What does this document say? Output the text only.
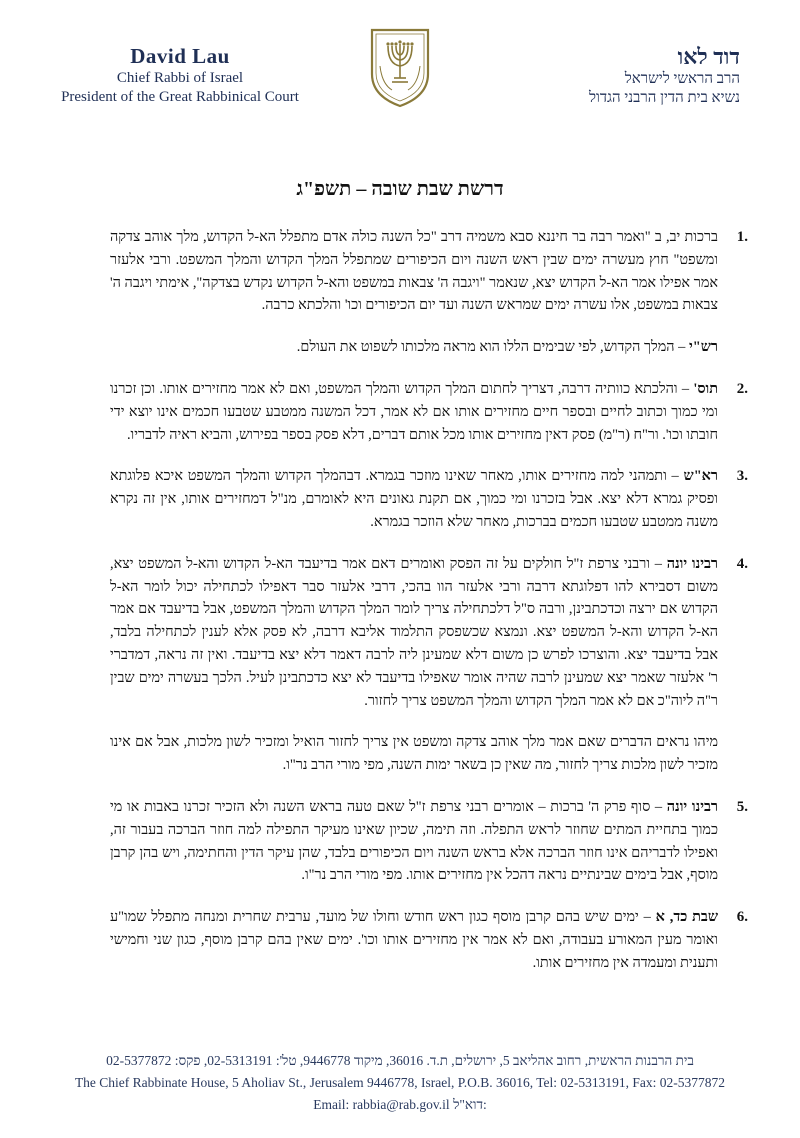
David Lau
Chief Rabbi of Israel
President of the Great Rabbinical Court
דוד לאו
הרב הראשי לישראל
נשיא בית הדין הרבני הגדול
דרשת שבת שובה – תשפ"ג
1.
ברכות יב, ב "ואמר רבה בר חיננא סבא משמיה דרב "כל השנה כולה אדם מתפלל הא-ל הקדוש, מלך אוהב צדקה ומשפט" חוץ מעשרה ימים שבין ראש השנה ויום הכיפורים שמתפלל המלך הקדוש והמלך המשפט. ורבי אלעזר אמר אפילו אמר הא-ל הקדוש יצא, שנאמר "ויגבה ה' צבאות במשפט והא-ל הקדוש נקדש בצדקה", אימתי ויגבה ה' צבאות במשפט, אלו עשרה ימים שמראש השנה ועד יום הכיפורים וכו' והלכתא כרבה.
רש"י – המלך הקדוש, לפי שבימים הללו הוא מראה מלכותו לשפוט את העולם.
2.
תוס' – והלכתא כוותיה דרבה, דצריך לחתום המלך הקדוש והמלך המשפט, ואם לא אמר מחזירים אותו. וכן זכרנו ומי כמוך וכתוב לחיים ובספר חיים מחזירים אותו אם לא אמר, דכל המשנה ממטבע שטבעו חכמים אינו יוצא ידי חובתו וכו'. ור"ח (ר"מ) פסק דאין מחזירים אותו מכל אותם דברים, דלא פסק בספר בפירוש, והביא ראיה לדבריו.
3.
רא"ש – ותמהני למה מחזירים אותו, מאחר שאינו מוזכר בגמרא. דבהמלך הקדוש והמלך המשפט איכא פלוגתא ופסיק גמרא דלא יצא. אבל בזכרנו ומי כמוך, אם תקנת גאונים היא לאומרם, מנ"ל דמחזירים אותו, אין זה נקרא משנה ממטבע שטבעו חכמים בברכות, מאחר שלא הוזכר בגמרא.
4.
רבינו יונה – ורבני צרפת ז"ל חולקים על זה הפסק ואומרים דאם אמר בדיעבד הא-ל הקדוש והא-ל המשפט יצא, משום דסבירא להו דפלוגתא דרבה ורבי אלעזר הוו בהכי, דרבי אלעזר סבר דאפילו לכתחילה יכול לומר הא-ל הקדוש אם ירצה וכדכתבינן, ורבה ס"ל דלכתחילה צריך לומר המלך הקדוש והמלך המשפט, אבל בדיעבד אם אמר הא-ל הקדוש והא-ל המשפט יצא. ונמצא שכשפסק התלמוד אליבא דרבה, לא פסק אלא לענין לכתחילה בלבד, אבל בדיעבד יצא. והוצרכו לפרש כן משום דלא שמעינן ליה לרבה דאמר דלא יצא בדיעבד. ואין זה נראה, דמדברי ר' אלעזר שאמר יצא שמעינן לרבה שהיה אומר שאפילו בדיעבד לא יצא כדכתבינן לעיל. הלכך בעשרה ימים שבין ר"ה ליוה"כ אם לא אמר המלך הקדוש והמלך המשפט צריך לחזור.
מיהו נראים הדברים שאם אמר מלך אוהב צדקה ומשפט אין צריך לחזור הואיל ומזכיר לשון מלכות, אבל אם אינו מזכיר לשון מלכות צריך לחזור, מה שאין כן בשאר ימות השנה, מפי מורי הרב נר"ו.
5.
רבינו יונה – סוף פרק ה' ברכות – אומרים רבני צרפת ז"ל שאם טעה בראש השנה ולא הזכיר זכרנו באבות או מי כמוך בתחיית המתים שחוזר לראש התפלה. וזה תימה, שכיון שאינו מעיקר התפילה למה חוזר הברכה בעבור זה, ואפילו לדבריהם אינו חוזר הברכה אלא בראש השנה ויום הכיפורים בלבד, שהן עיקר הדין והחתימה, ויש בהן קרבן מוסף, אבל בימים שבינתיים נראה דהכל אין מחזירים אותו. מפי מורי הרב נר"ו.
6.
שבת כד, א – ימים שיש בהם קרבן מוסף כגון ראש חודש וחולו של מועד, ערבית שחרית ומנחה מתפלל שמו"ע ואומר מעין המאורע בעבודה, ואם לא אמר אין מחזירים אותו וכו'. ימים שאין בהם קרבן מוסף, כגון שני וחמישי ותענית ומעמדה אין מחזירים אותו.
בית הרבנות הראשית, רחוב אהליאב 5, ירושלים, ת.ד. 36016, מיקוד 9446778, טל': 02-5313191, פקס: 02-5377872
The Chief Rabbinate House, 5 Aholiav St., Jerusalem 9446778, Israel, P.O.B. 36016, Tel: 02-5313191, Fax: 02-5377872
Email: rabbia@rab.gov.il דוא"ל:
